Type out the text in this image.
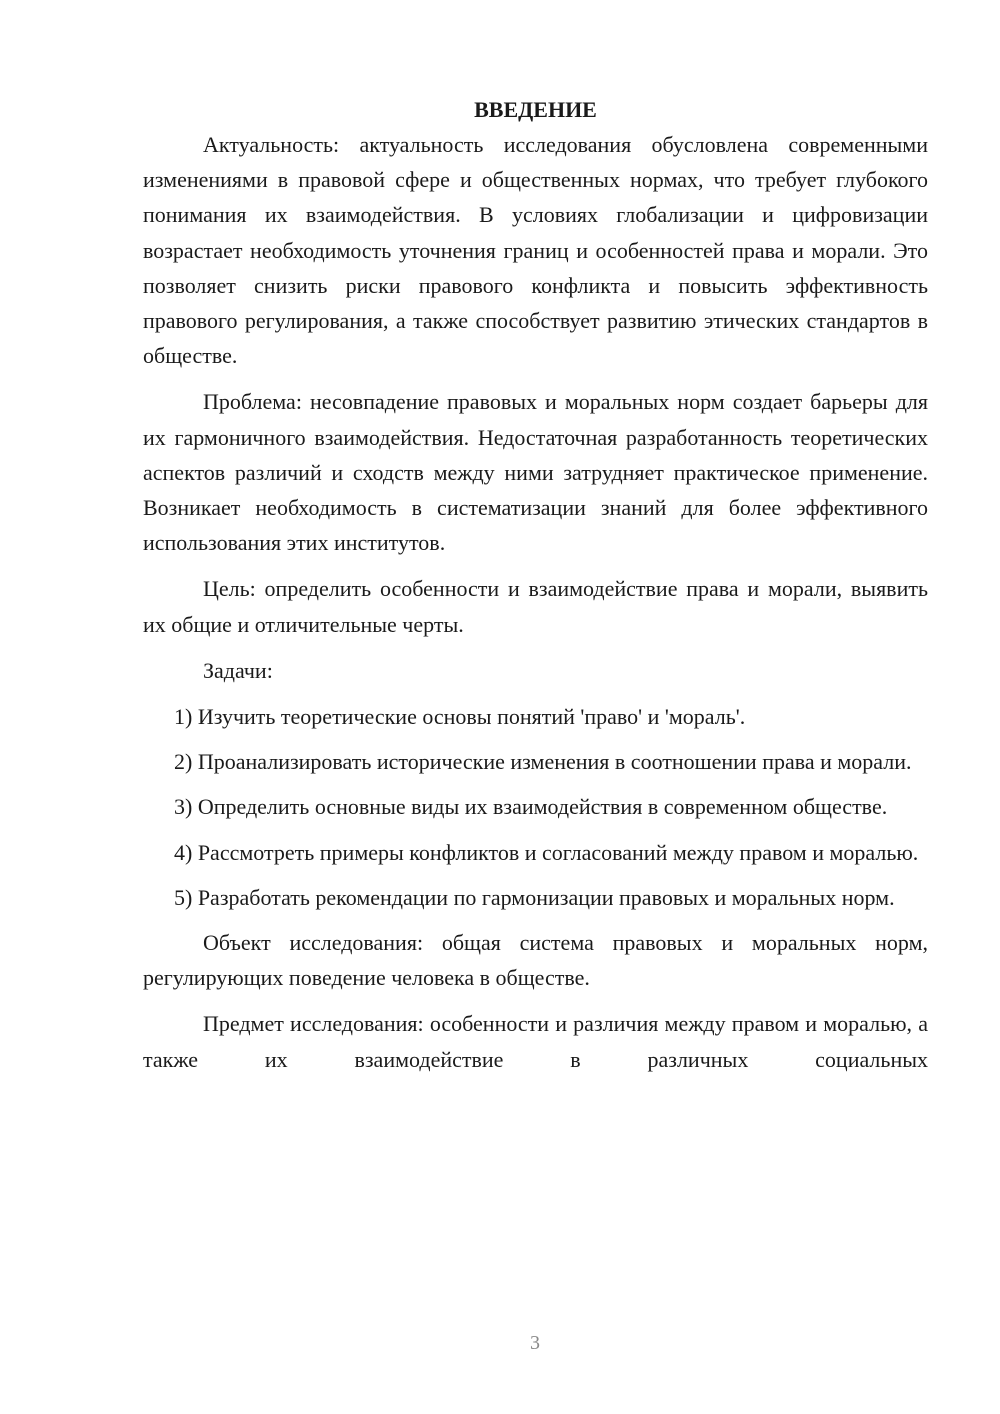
ВВЕДЕНИЕ

Актуальность: актуальность исследования обусловлена современными изменениями в правовой сфере и общественных нормах, что требует глубокого понимания их взаимодействия. В условиях глобализации и цифровизации возрастает необходимость уточнения границ и особенностей права и морали. Это позволяет снизить риски правового конфликта и повысить эффективность правового регулирования, а также способствует развитию этических стандартов в обществе.

Проблема: несовпадение правовых и моральных норм создает барьеры для их гармоничного взаимодействия. Недостаточная разработанность теоретических аспектов различий и сходств между ними затрудняет практическое применение. Возникает необходимость в систематизации знаний для более эффективного использования этих институтов.

Цель: определить особенности и взаимодействие права и морали, выявить их общие и отличительные черты.

Задачи:

1) Изучить теоретические основы понятий 'право' и 'мораль'.

2) Проанализировать исторические изменения в соотношении права и морали.

3) Определить основные виды их взаимодействия в современном обществе.

4) Рассмотреть примеры конфликтов и согласований между правом и моралью.

5) Разработать рекомендации по гармонизации правовых и моральных норм.

Объект исследования: общая система правовых и моральных норм, регулирующих поведение человека в обществе.

Предмет исследования: особенности и различия между правом и моралью, а также их взаимодействие в различных социальных

3
